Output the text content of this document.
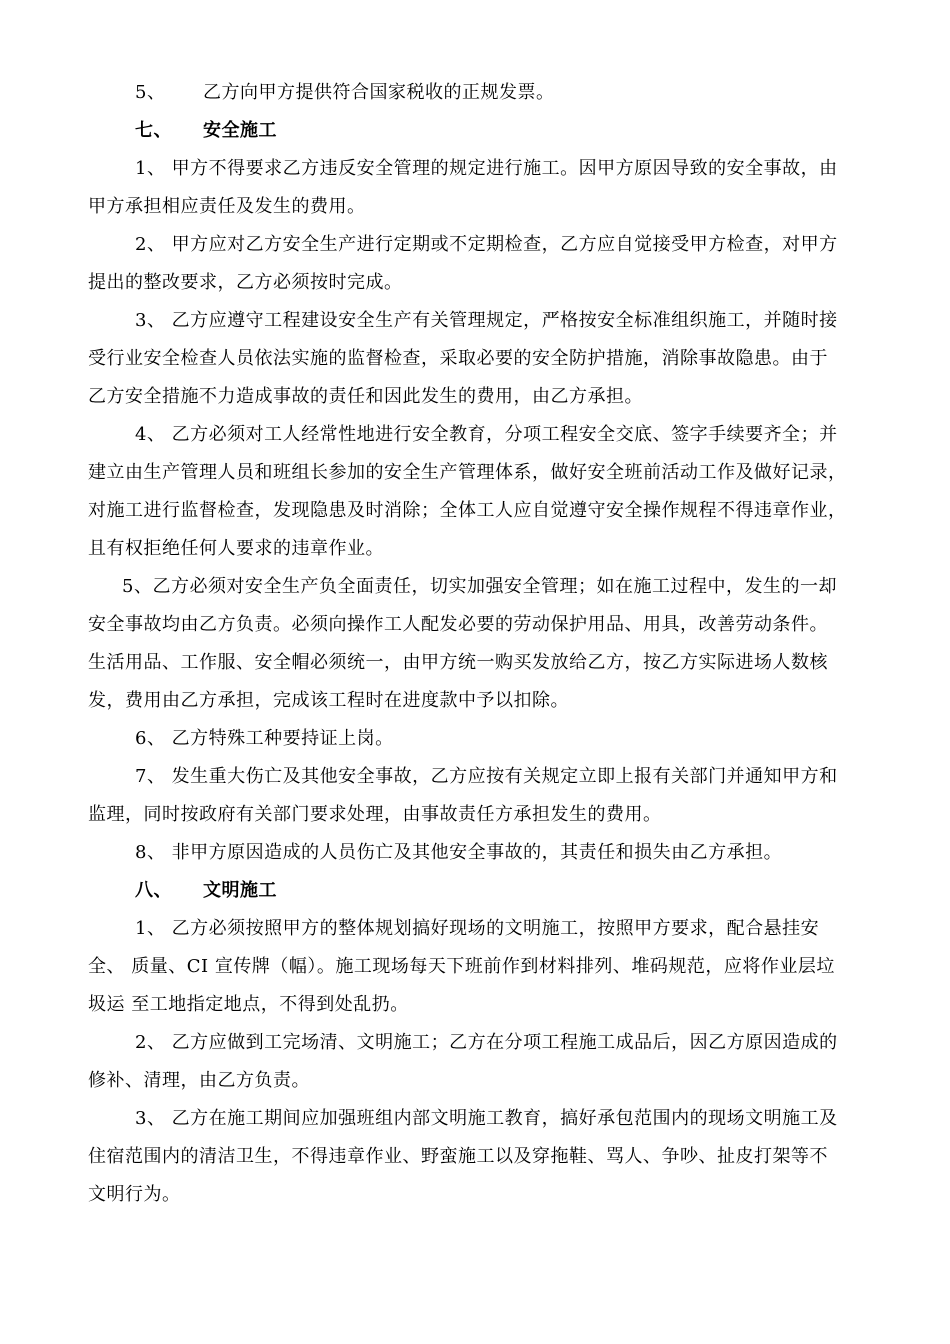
5、 乙方向甲方提供符合国家税收的正规发票。
七、 安全施工
1、 甲方不得要求乙方违反安全管理的规定进行施工。因甲方原因导致的安全事故，由
甲方承担相应责任及发生的费用。
2、 甲方应对乙方安全生产进行定期或不定期检查，乙方应自觉接受甲方检查，对甲方
提出的整改要求，乙方必须按时完成。
3、 乙方应遵守工程建设安全生产有关管理规定，严格按安全标准组织施工，并随时接
受行业安全检查人员依法实施的监督检查，采取必要的安全防护措施，消除事故隐患。由于
乙方安全措施不力造成事故的责任和因此发生的费用，由乙方承担。
4、 乙方必须对工人经常性地进行安全教育，分项工程安全交底、签字手续要齐全；并
建立由生产管理人员和班组长参加的安全生产管理体系，做好安全班前活动工作及做好记录，
对施工进行监督检查，发现隐患及时消除；全体工人应自觉遵守安全操作规程不得违章作业，
且有权拒绝任何人要求的违章作业。
5、乙方必须对安全生产负全面责任，切实加强安全管理；如在施工过程中，发生的一却
安全事故均由乙方负责。必须向操作工人配发必要的劳动保护用品、用具，改善劳动条件。
生活用品、工作服、安全帽必须统一，由甲方统一购买发放给乙方，按乙方实际进场人数核
发，费用由乙方承担，完成该工程时在进度款中予以扣除。
6、 乙方特殊工种要持证上岗。
7、 发生重大伤亡及其他安全事故，乙方应按有关规定立即上报有关部门并通知甲方和
监理，同时按政府有关部门要求处理，由事故责任方承担发生的费用。
8、 非甲方原因造成的人员伤亡及其他安全事故的，其责任和损失由乙方承担。
八、 文明施工
1、 乙方必须按照甲方的整体规划搞好现场的文明施工，按照甲方要求，配合悬挂安
全、 质量、CI 宣传牌（幅）。施工现场每天下班前作到材料排列、堆码规范，应将作业层垃
圾运 至工地指定地点，不得到处乱扔。
2、 乙方应做到工完场清、文明施工；乙方在分项工程施工成品后，因乙方原因造成的
修补、清理，由乙方负责。
3、 乙方在施工期间应加强班组内部文明施工教育，搞好承包范围内的现场文明施工及
住宿范围内的清洁卫生，不得违章作业、野蛮施工以及穿拖鞋、骂人、争吵、扯皮打架等不
文明行为。
